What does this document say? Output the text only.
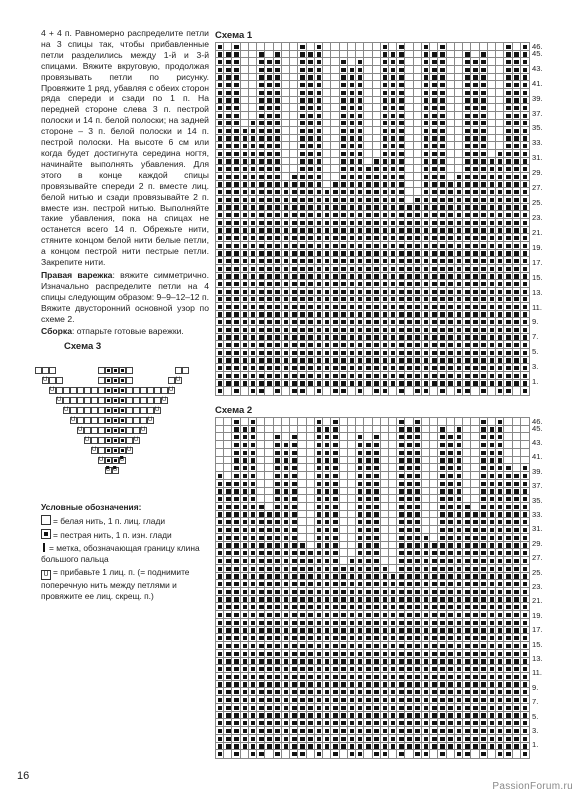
4 + 4 п. Равномерно распределите петли на 3 спицы так, чтобы прибавленные петли разделились между 1-й и 3-й спицами. Вяжите вкруговую, продолжая провязывать петли по рисунку. Провяжите 1 ряд, убавляя с обеих сторон ряда спереди и сзади по 1 п. На передней стороне слева 3 п. пестрой полоски и 14 п. белой полоски; на задней стороне – 3 п. белой полоски и 14 п. пестрой полоски. На высоте 6 см или когда будет достигнута середина ногтя, начинайте выполнять убавления. Для этого в конце каждой спицы провязывайте спереди 2 п. вместе лиц. белой нитью и сзади провязывайте 2 п. вместе изн. пестрой нитью. Выполняйте такие убавления, пока на спицах не останется всего 14 п. Обрежьте нити, стяните концом белой нити белые петли, а концом пестрой нити пестрые петли. Закрепите нити.

Правая варежка: вяжите симметрично. Изначально распределите петли на 4 спицы следующим образом: 9–9–12–12 п. Вяжите двусторонний основной узор по схеме 2.

Сборка: отпарьте готовые варежки.

Схема 3
U
U
U
U
U
U
U
U
U
U
U
U
U
U
U
U
U
U
U
U
Условные обозначения:
= белая нить, 1 п. лиц. глади
= пестрая нить, 1 п. изн. глади
= метка, обозначающая границу клина большого пальца
U = прибавьте 1 лиц. п. (= поднимите поперечную нить между петлями и провяжите ее лиц. скрещ. п.)
Схема 1
46.
45.
43.
41.
39.
37.
35.
33.
31.
29.
27.
25.
23.
21.
19.
17.
15.
13.
11.
9.
7.
5.
3.
1.
Схема 2
46.
45.
43.
41.
39.
37.
35.
33.
31.
29.
27.
25.
23.
21.
19.
17.
15.
13.
11.
9.
7.
5.
3.
1.
16
PassionForum.ru
